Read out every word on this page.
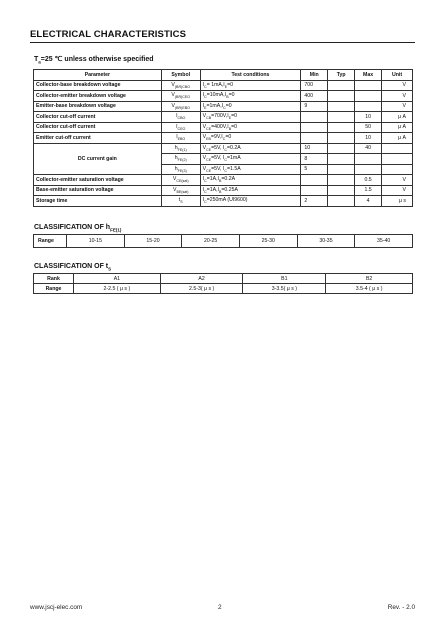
ELECTRICAL CHARACTERISTICS
$T_a=25$ ℃ unless otherwise specified
Parameter	Symbol	Test conditions	Min	Typ	Max	Unit
Collector-base breakdown voltage	$V_{(BR)CBO}$	$I_C= 1mA,I_E=0$	700			V
Collector-emitter breakdown voltage	$V_{(BR)CEO}$	$I_C=10mA,I_B=0$	400			V
Emitter-base breakdown voltage	$V_{(BR)EBO}$	$I_E=1mA,I_C=0$	9			V
Collector cut-off current	$I_{CBO}$	$V_{CB}=700V,I_E=0$			10	μ A
Collector cut-off current	$I_{CEO}$	$V_{CE}=400V,I_B=0$			50	μ A
Emitter cut-off current	$I_{EBO}$	$V_{EB}=9V,I_C=0$			10	μ A
DC current gain	$h_{FE(1)}$	$V_{CE}=5V$, $I_C=0.2A$	10		40	
	$h_{FE(2)}$	$V_{CE}=5V$, $I_C=1mA$	8			
	$h_{FE(3)}$	$V_{CE}=5V$, $I_C=1.5A$	5			
Collector-emitter saturation voltage	$V_{CE(sat)}$	$I_C=1A,I_B=0.2A$			0.5	V
Base-emitter saturation voltage	$V_{BE(sat)}$	$I_C=1A,I_B=0.25A$			1.5	V
Storage time	$t_S$	$I_C=250mA$ (UI9600)	2		4	μ s
CLASSIFICATION OF $h_{FE(1)}$
Range	10-15	15-20	20-25	25-30	30-35	35-40
CLASSIFICATION OF $t_S$
Rank	A1	A2	B1	B2
Range	2-2.5 ( μ s )	2.5-3( μ s )	3-3.5( μ s )	3.5-4 ( μ s )
www.jscj-elec.com	2	Rev. - 2.0
